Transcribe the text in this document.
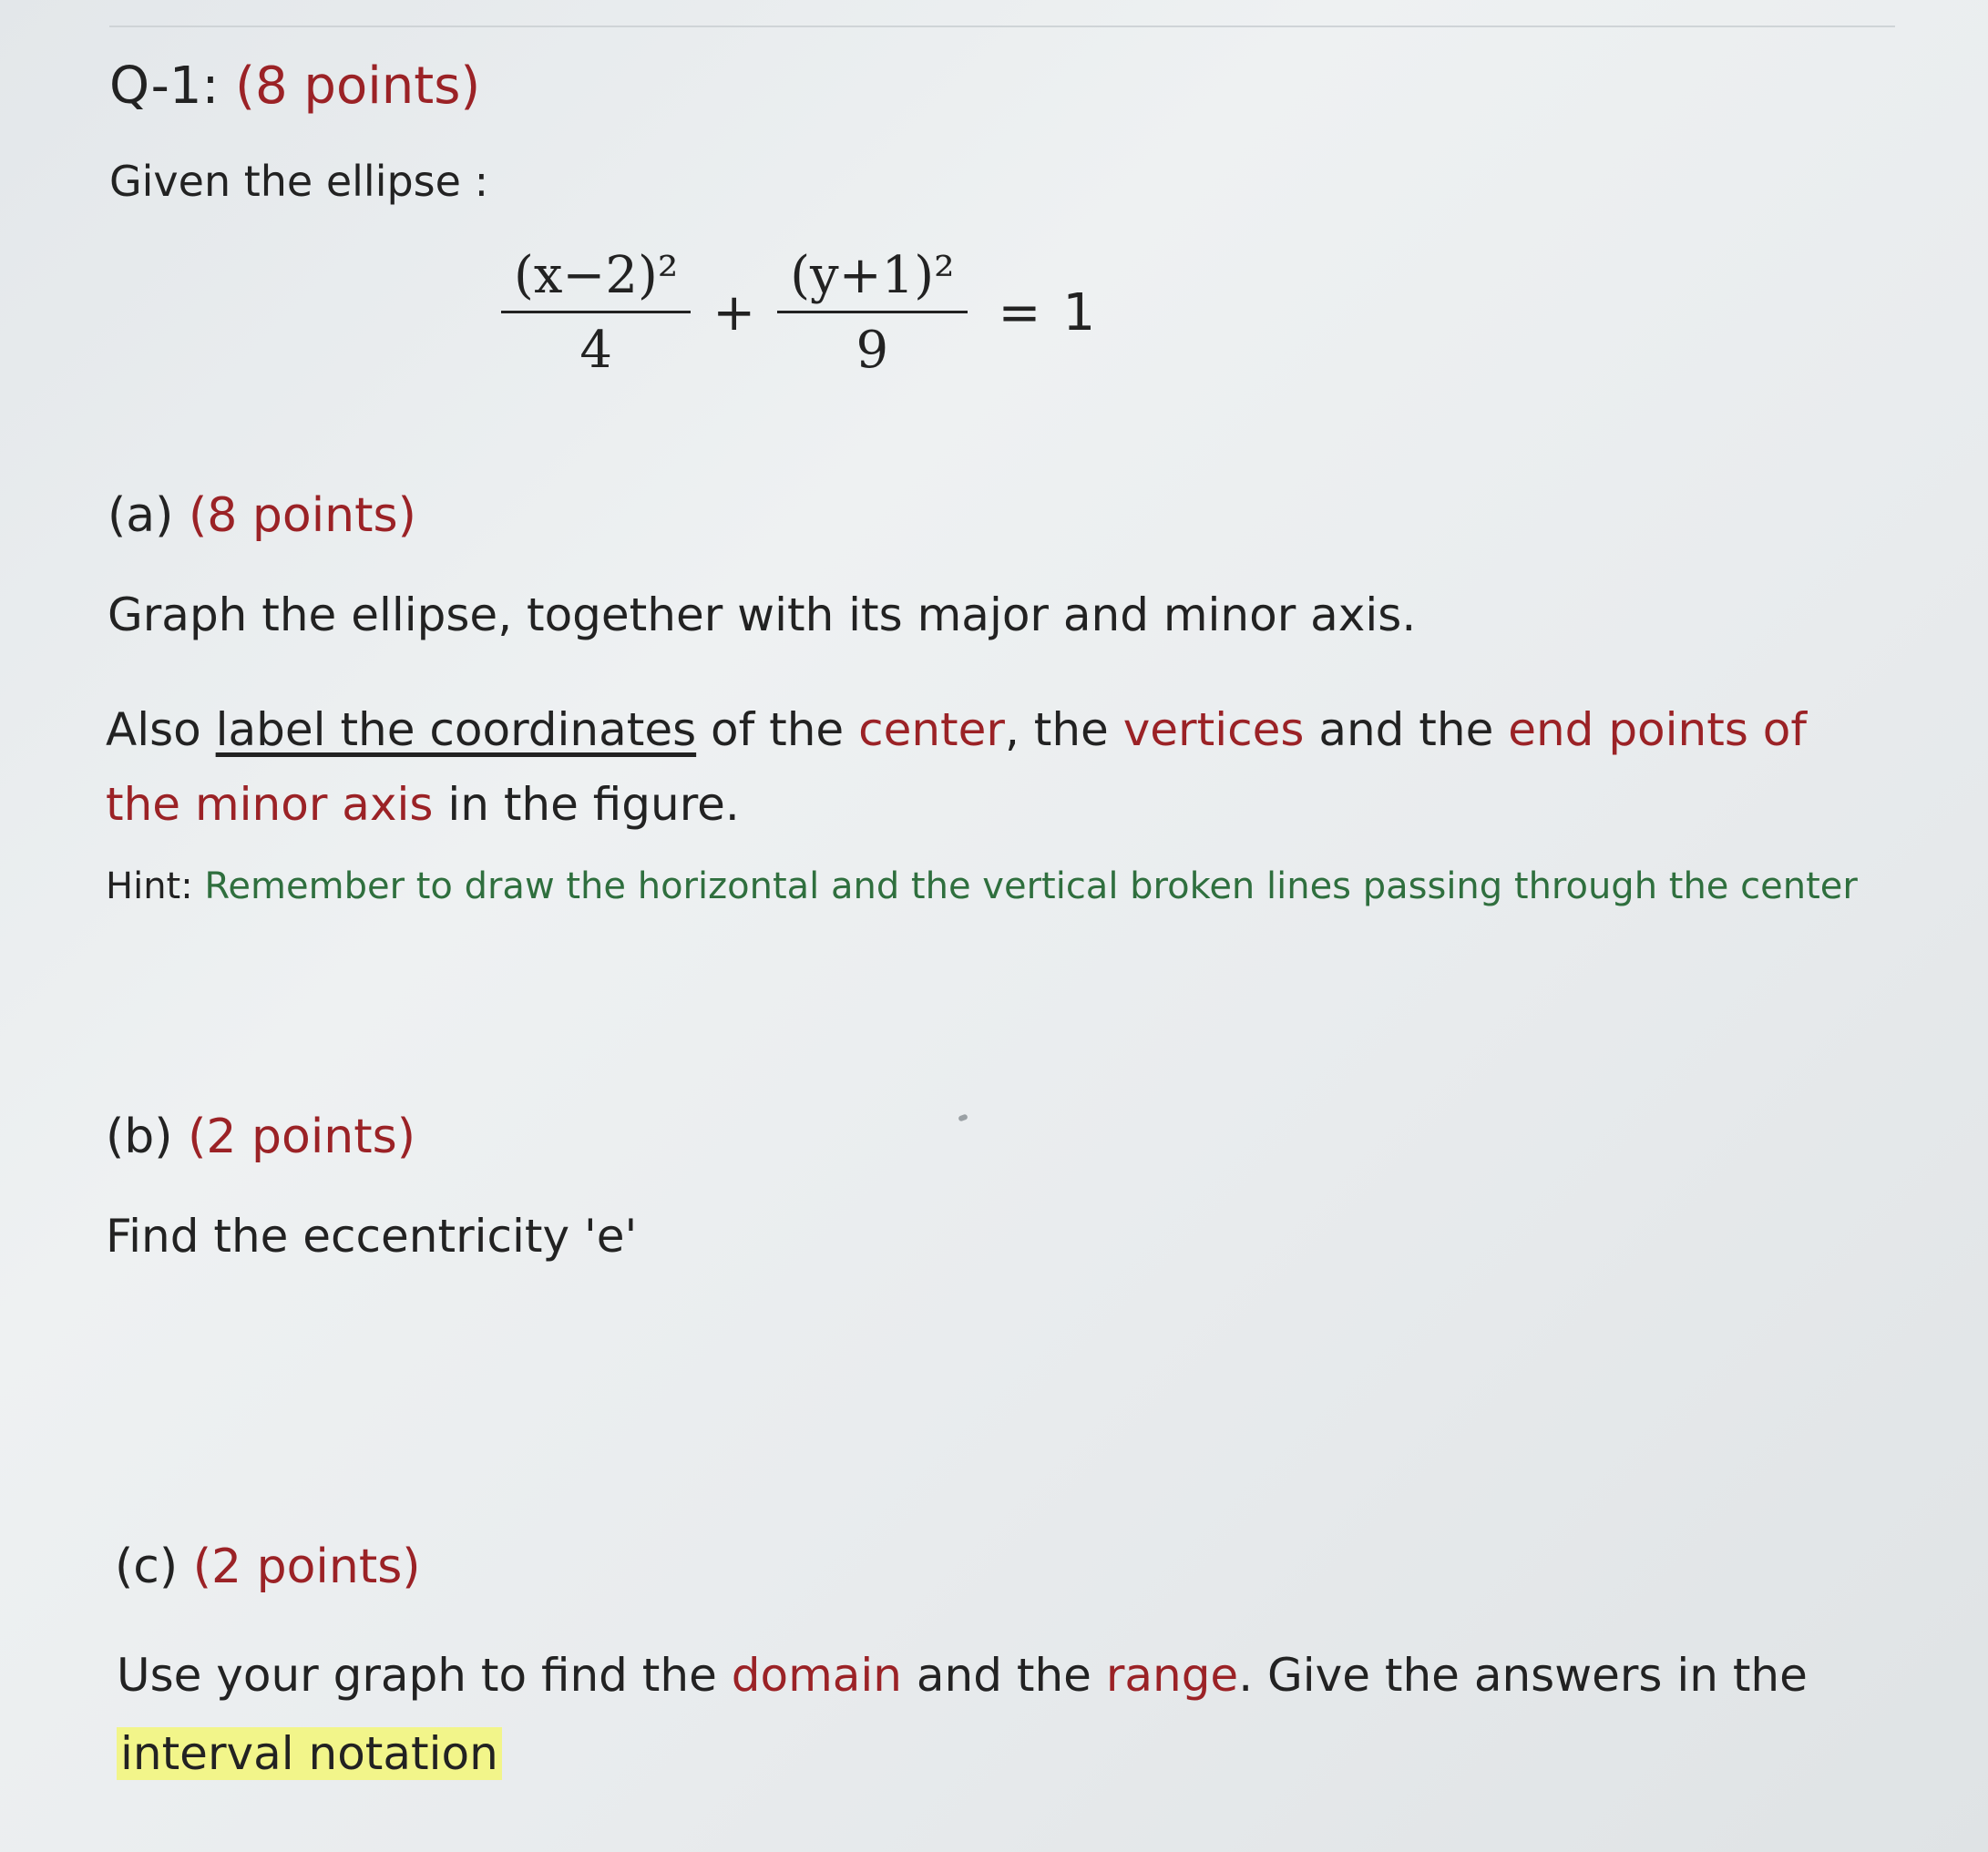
Q-1: (8 points)
Given the ellipse :
$\frac{\text{(x−2)²}}{4} + \frac{\text{(y+1)²}}{9} = 1$
(a) (8 points)
Graph the ellipse, together with its major and minor axis.
Also label the coordinates of the center, the vertices and the end points of the minor axis in the figure.
Hint: Remember to draw the horizontal and the vertical broken lines passing through the center
(b) (2 points)
Find the eccentricity 'e'
(c) (2 points)
Use your graph to find the domain and the range. Give the answers in the interval notation
